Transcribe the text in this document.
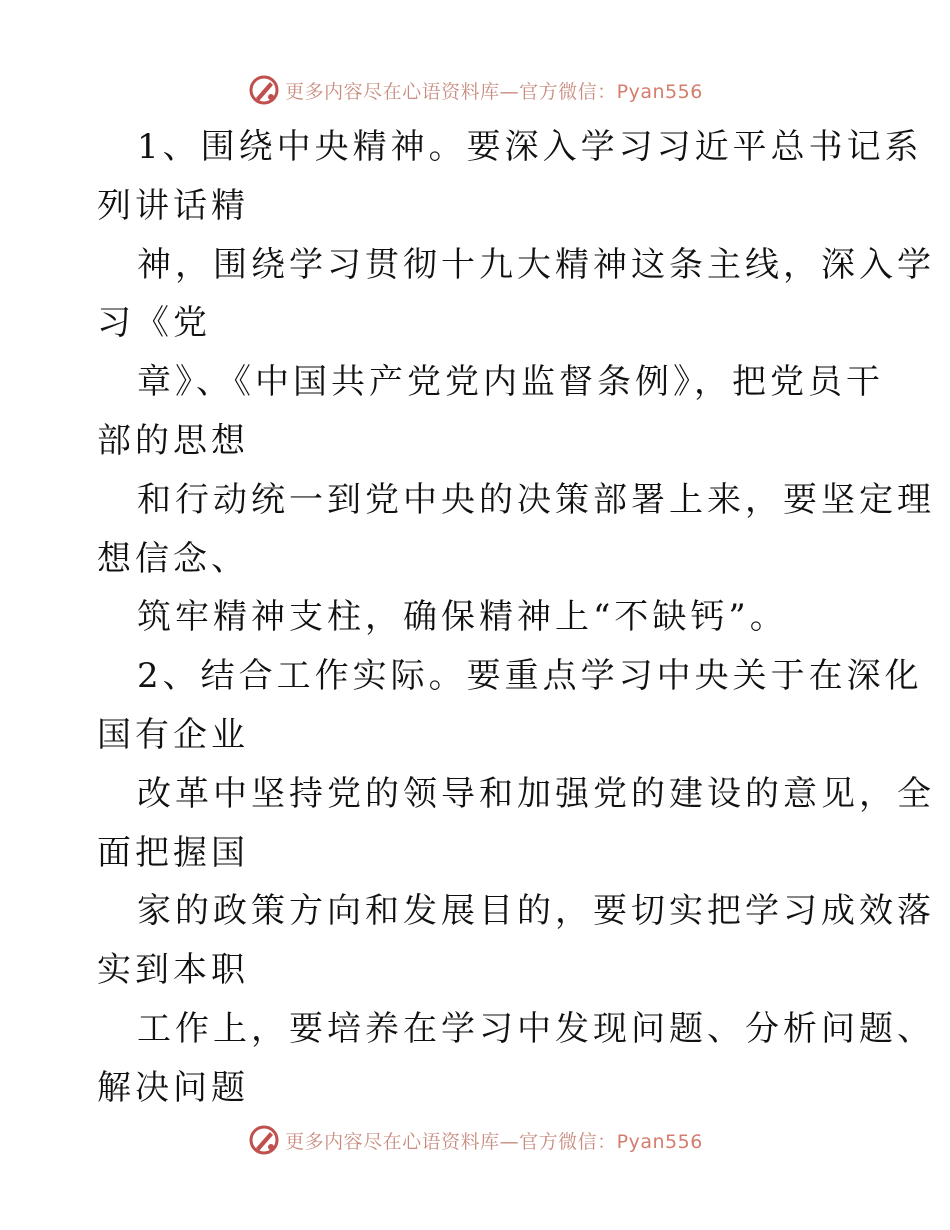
更多内容尽在心语资料库—官方微信：Pyan556
1、围绕中央精神。要深入学习习近平总书记系
列讲话精
神，围绕学习贯彻十九大精神这条主线，深入学
习《党
章》、《中国共产党党内监督条例》，把党员干
部的思想
和行动统一到党中央的决策部署上来，要坚定理
想信念、
筑牢精神支柱，确保精神上“不缺钙”。
2、结合工作实际。要重点学习中央关于在深化
国有企业
改革中坚持党的领导和加强党的建设的意见，全
面把握国
家的政策方向和发展目的，要切实把学习成效落
实到本职
工作上，要培养在学习中发现问题、分析问题、
解决问题
更多内容尽在心语资料库—官方微信：Pyan556
